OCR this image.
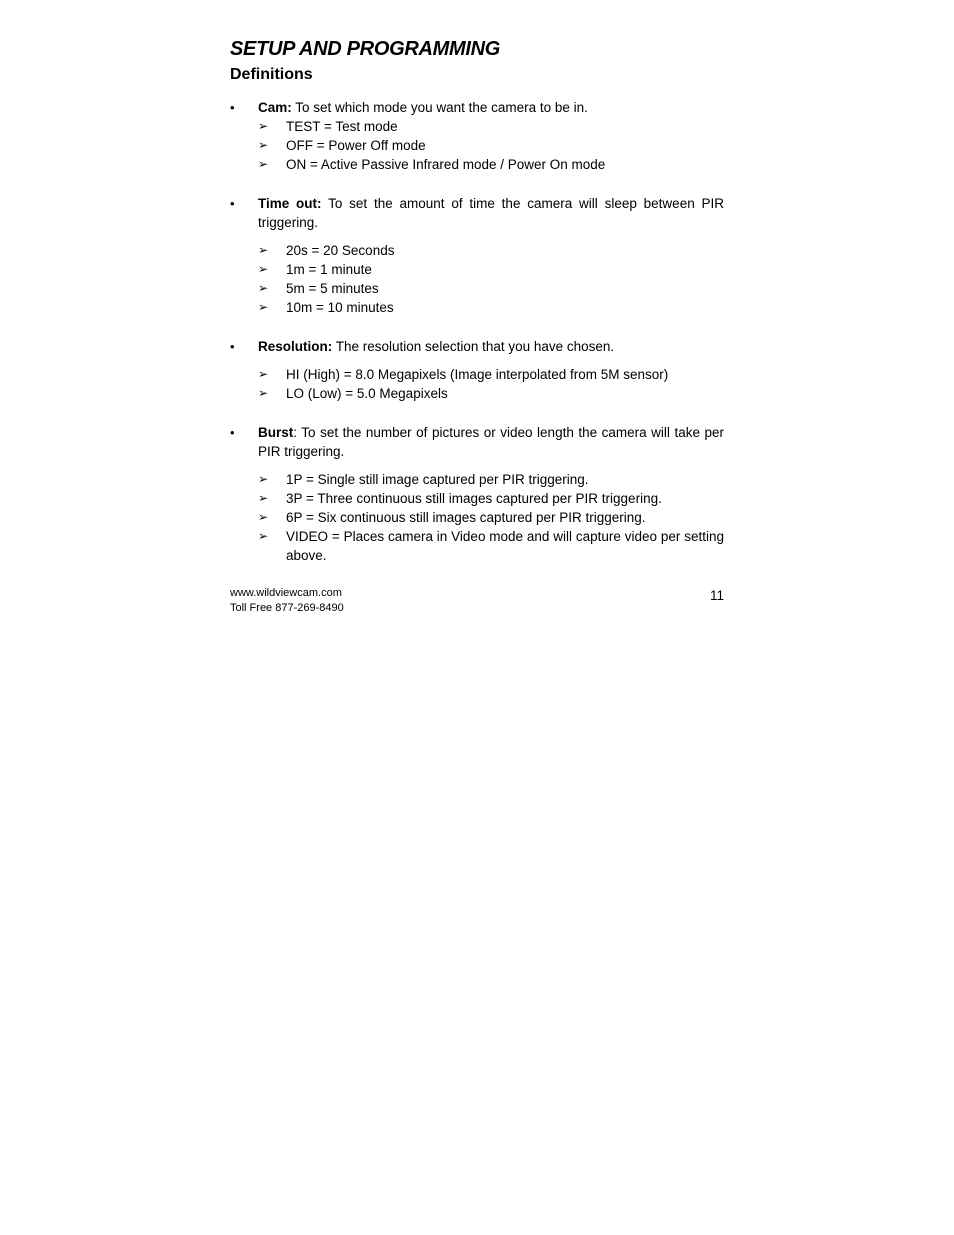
SETUP AND PROGRAMMING
Definitions
• Cam: To set which mode you want the camera to be in.
➢ TEST = Test mode
➢ OFF = Power Off mode
➢ ON = Active Passive Infrared mode / Power On mode
• Time out: To set the amount of time the camera will sleep between PIR triggering.
➢ 20s = 20 Seconds
➢ 1m = 1 minute
➢ 5m = 5 minutes
➢ 10m = 10 minutes
• Resolution: The resolution selection that you have chosen.
➢ HI (High) = 8.0 Megapixels (Image interpolated from 5M sensor)
➢ LO (Low) = 5.0 Megapixels
• Burst: To set the number of pictures or video length the camera will take per PIR triggering.
➢ 1P = Single still image captured per PIR triggering.
➢ 3P = Three continuous still images captured per PIR triggering.
➢ 6P = Six continuous still images captured per PIR triggering.
➢ VIDEO = Places camera in Video mode and will capture video per setting above.
www.wildviewcam.com
Toll Free 877-269-8490
11
